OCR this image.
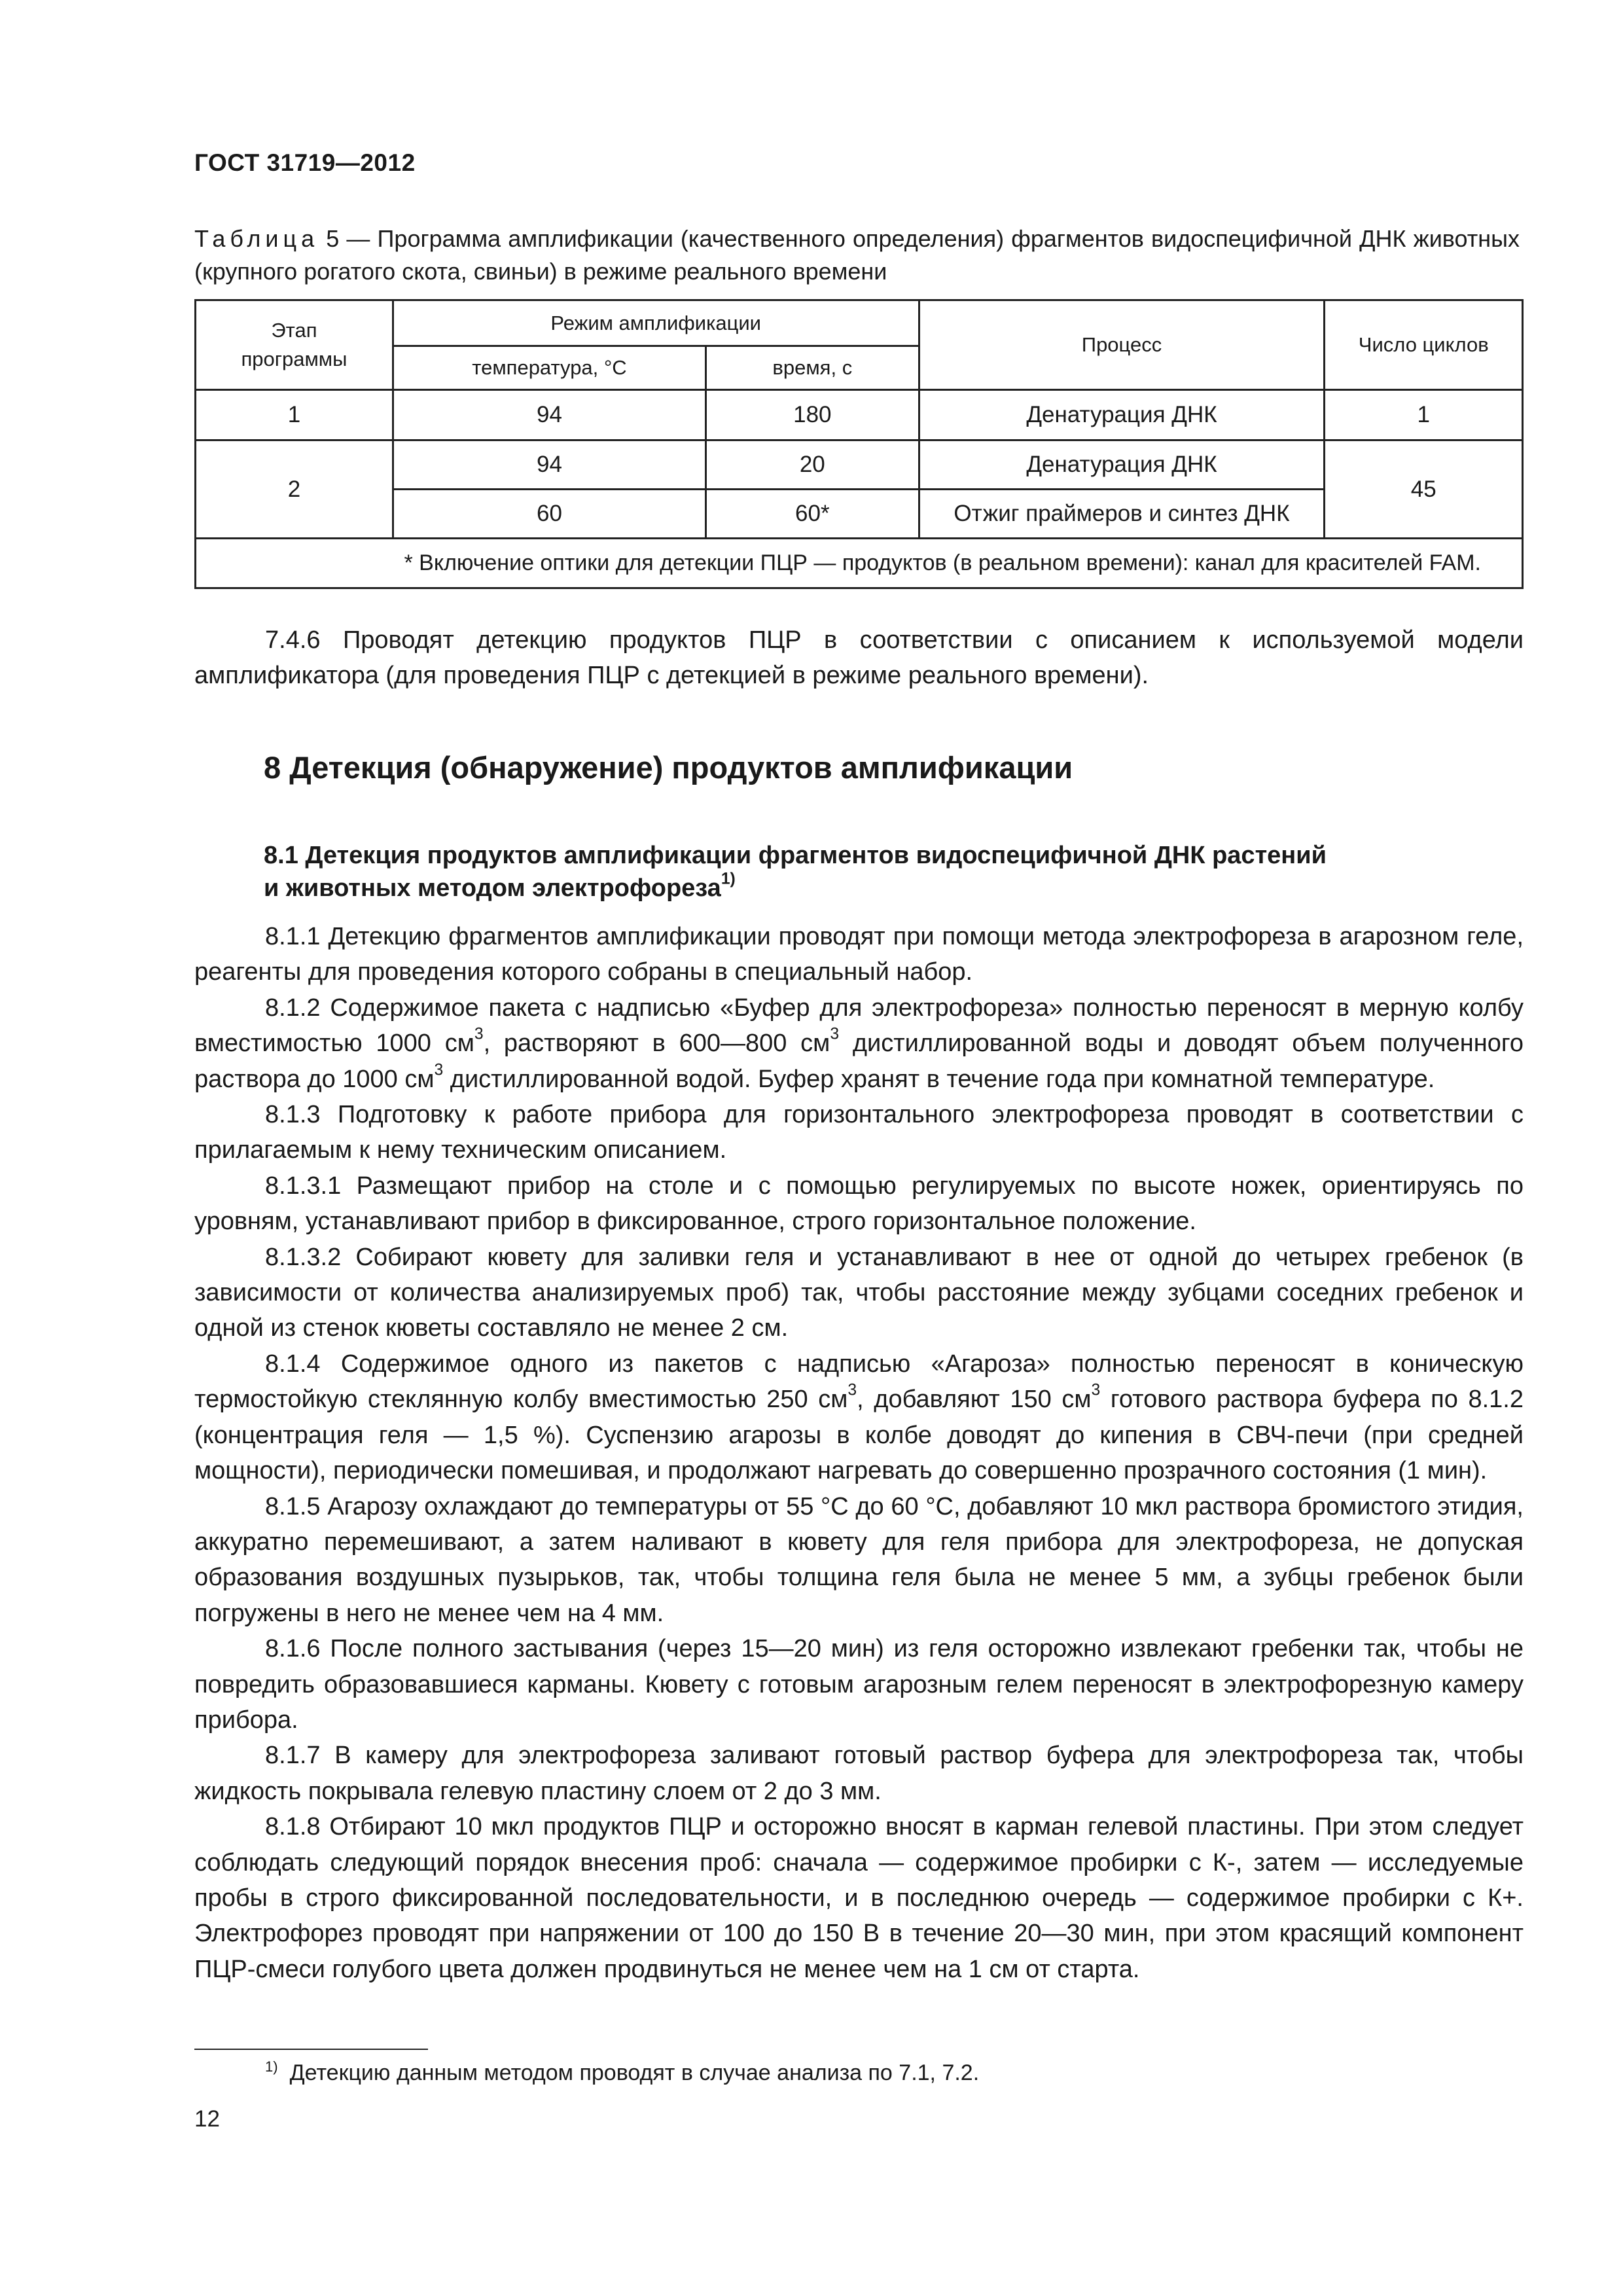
ГОСТ 31719—2012
Таблица 5 — Программа амплификации (качественного определения) фрагментов видоспецифичной ДНК животных (крупного рогатого скота, свиньи) в режиме реального времени
Этап программы	Режим амплификации		Процесс	Число циклов
	температура, °С	время, с		
1	94	180	Денатурация ДНК	1
2	94	20	Денатурация ДНК	45
	60	60*	Отжиг праймеров и синтез ДНК	
* Включение оптики для детекции ПЦР — продуктов (в реальном времени): канал для красителей FAM.				

7.4.6 Проводят детекцию продуктов ПЦР в соответствии с описанием к используемой модели амплификатора (для проведения ПЦР с детекцией в режиме реального времени).

8 Детекция (обнаружение) продуктов амплификации
8.1 Детекция продуктов амплификации фрагментов видоспецифичной ДНК растений
и животных методом электрофореза$^{1)}$

8.1.1 Детекцию фрагментов амплификации проводят при помощи метода электрофореза в агарозном геле, реагенты для проведения которого собраны в специальный набор.

8.1.2 Содержимое пакета с надписью «Буфер для электрофореза» полностью переносят в мерную колбу вместимостью 1000 $см^3$, растворяют в 600—800 $см^3$ дистиллированной воды и доводят объем полученного раствора до 1000 $см^3$ дистиллированной водой. Буфер хранят в течение года при комнатной температуре.

8.1.3 Подготовку к работе прибора для горизонтального электрофореза проводят в соответствии с прилагаемым к нему техническим описанием.

8.1.3.1 Размещают прибор на столе и с помощью регулируемых по высоте ножек, ориентируясь по уровням, устанавливают прибор в фиксированное, строго горизонтальное положение.

8.1.3.2 Собирают кювету для заливки геля и устанавливают в нее от одной до четырех гребенок (в зависимости от количества анализируемых проб) так, чтобы расстояние между зубцами соседних гребенок и одной из стенок кюветы составляло не менее 2 см.

8.1.4 Содержимое одного из пакетов с надписью «Агароза» полностью переносят в коническую термостойкую стеклянную колбу вместимостью 250 $см^3$, добавляют 150 $см^3$ готового раствора буфера по 8.1.2 (концентрация геля — 1,5 %). Суспензию агарозы в колбе доводят до кипения в СВЧ-печи (при средней мощности), периодически помешивая, и продолжают нагревать до совершенно прозрачного состояния (1 мин).

8.1.5 Агарозу охлаждают до температуры от 55 °С до 60 °С, добавляют 10 мкл раствора бромистого этидия, аккуратно перемешивают, а затем наливают в кювету для геля прибора для электрофореза, не допуская образования воздушных пузырьков, так, чтобы толщина геля была не менее 5 мм, а зубцы гребенок были погружены в него не менее чем на 4 мм.

8.1.6 После полного застывания (через 15—20 мин) из геля осторожно извлекают гребенки так, чтобы не повредить образовавшиеся карманы. Кювету с готовым агарозным гелем переносят в электрофорезную камеру прибора.

8.1.7 В камеру для электрофореза заливают готовый раствор буфера для электрофореза так, чтобы жидкость покрывала гелевую пластину слоем от 2 до 3 мм.

8.1.8 Отбирают 10 мкл продуктов ПЦР и осторожно вносят в карман гелевой пластины. При этом следует соблюдать следующий порядок внесения проб: сначала — содержимое пробирки с К-, затем — исследуемые пробы в строго фиксированной последовательности, и в последнюю очередь — содержимое пробирки с К+. Электрофорез проводят при напряжении от 100 до 150 В в течение 20—30 мин, при этом красящий компонент ПЦР-смеси голубого цвета должен продвинуться не менее чем на 1 см от старта.

$^{1)}$ Детекцию данным методом проводят в случае анализа по 7.1, 7.2.
12
